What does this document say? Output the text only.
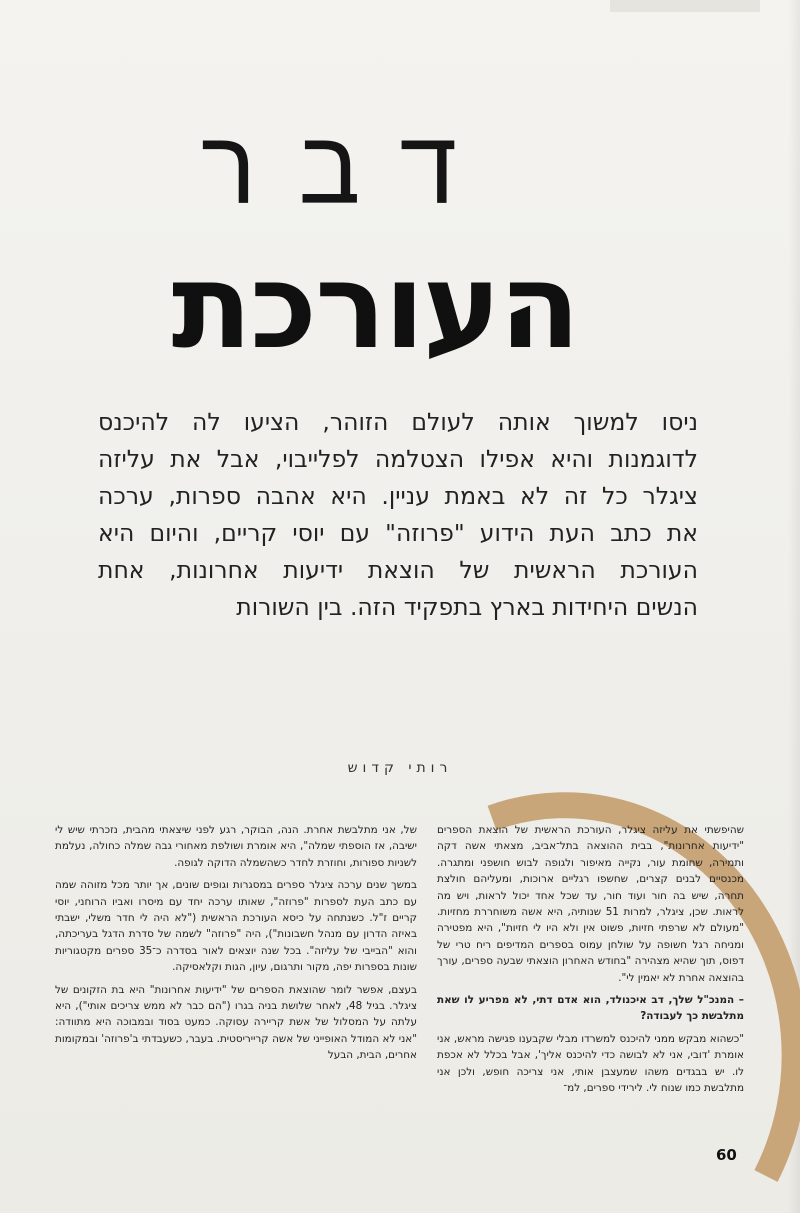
דבר
העורכת
ניסו למשוך אותה לעולם הזוהר, הציעו לה להיכנס
לדוגמנות והיא אפילו הצטלמה לפלייבוי, אבל את עליזה
ציגלר כל זה לא באמת עניין. היא אהבה ספרות, ערכה
את כתב העת הידוע "פרוזה" עם יוסי קריים, והיום היא
העורכת הראשית של הוצאת ידיעות אחרונות, אחת
הנשים היחידות בארץ בתפקיד הזה. בין השורות
רותי קדוש

שהיפשתי את עליזה ציגלר, העורכת הראשית של הוצאת הספרים "ידיעות אחרונות", בבית ההוצאה בתל־אביב, מצאתי אשה דקה ותמירה, שחומת עור, נקייה מאיפור ולגופה לבוש חושפני ומתגרה. מכנסיים לבנים קצרים, שחשפו רגליים ארוכות, ומעליהם חולצת תחרה, שיש בה חור ועוד חור, עד שכל אחד יכול לראות, ויש מה לראות. שכן, ציגלר, למרות 51 שנותיה, היא אשה משוחררת מחזיות. "מעולם לא שרפתי חזיות, פשוט אין ולא היו לי חזיות", היא מפטירה ומניחה רגל חשופה על שולחן עמוס בספרים המדיפים ריח טרי של דפוס, תוך שהיא מצהירה "בחודש האחרון הוצאתי שבעה ספרים, עורך בהוצאה אחרת לא יאמין לי".

– המנכ"ל שלך, דב איכנולד, הוא אדם דתי, לא מפריע לו שאת מתלבשת כך לעבודה?

"כשהוא מבקש ממני להיכנס למשרדו מבלי שקבענו פגישה מראש, אני אומרת 'דובי, אני לא לבושה כדי להיכנס אליך', אבל בכלל לא אכפת לו. יש בבגדים משהו שמעצבן אותי, אני צריכה חופש, ולכן אני מתלבשת כמו שנוח לי. לירידי ספרים, למ־

של, אני מתלבשת אחרת. הנה, הבוקר, רגע לפני שיצאתי מהבית, נזכרתי שיש לי ישיבה, אז הוספתי שמלה", היא אומרת ושולפת מאחורי גבה שמלה כחולה, נעלמת לשניות ספורות, וחוזרת לחדר כשהשמלה הדוקה לגופה.

במשך שנים ערכה ציגלר ספרים במסגרות וגופים שונים, אך יותר מכל מזוהה שמה עם כתב העת לספרות "פרוזה", שאותו ערכה יחד עם מיסרו ואביו הרוחני, יוסי קריים ז"ל. כשנתחה על כיסא העורכת הראשית ("לא היה לי חדר משלי, ישבתי באיזה הדרון עם מנהל חשבונות"), היה "פרוזה" לשמה של סדרת הדגל בעריכתה, והוא "הבייבי של עליזה". בכל שנה יוצאים לאור בסדרה כ־35 ספרים מקטגוריות שונות בספרות יפה, מקור ותרגום, עיון, הגות וקלאסיקה.

בעצם, אפשר לומר שהוצאת הספרים של "ידיעות אחרונות" היא בת הזקונים של ציגלר. בגיל 48, לאחר שלושת בניה בגרו ("הם כבר לא ממש צריכים אותי"), היא עלתה על המסלול של אשת קריירה עסוקה. כמעט בסוד ובמבוכה היא מתוודה: "אני לא המודל האופייני של אשה קרייריסטית. בעבר, כשעבדתי ב'פרוזה' ובמקומות אחרים, הבית, הבעל

60
